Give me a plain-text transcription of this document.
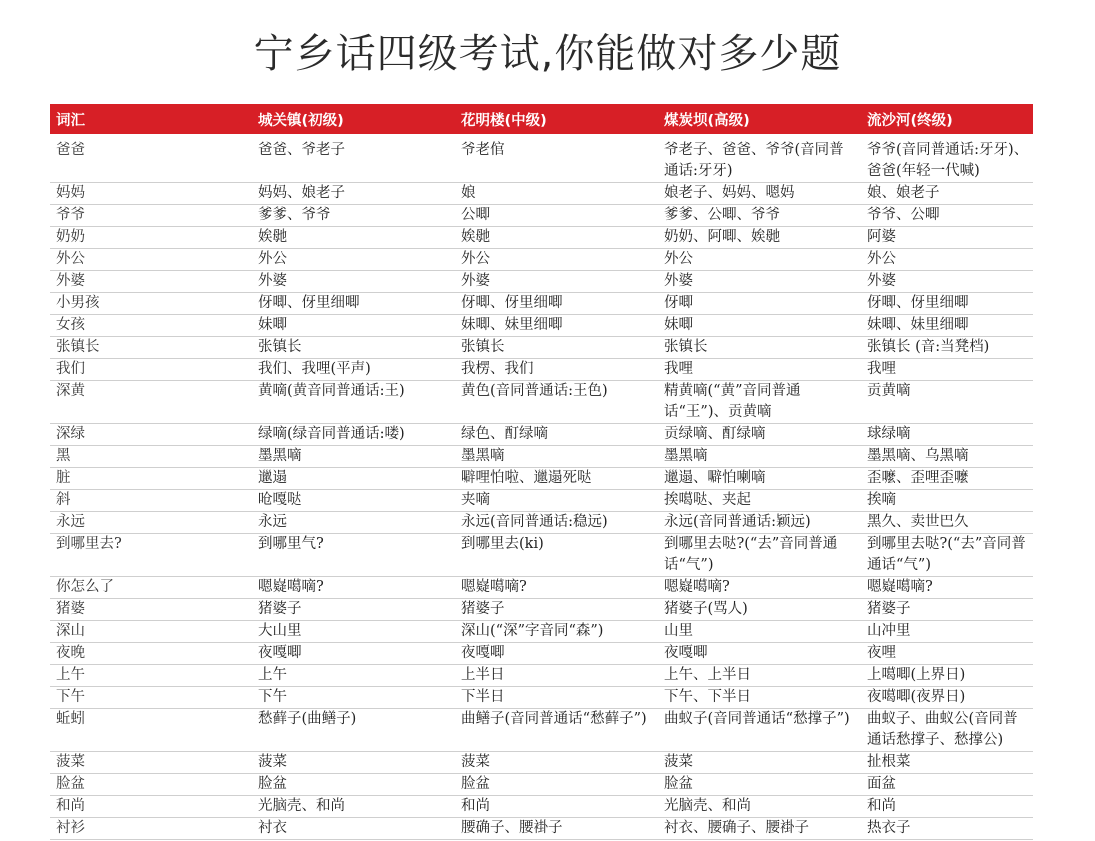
宁乡话四级考试,你能做对多少题
词汇	城关镇(初级)	花明楼(中级)	煤炭坝(高级)	流沙河(终级)
爸爸	爸爸、爷老子	爷老倌	爷老子、爸爸、爷爷(音同普通话:牙牙)	爷爷(音同普通话:牙牙)、爸爸(年轻一代喊)
妈妈	妈妈、娘老子	娘	娘老子、妈妈、嗯妈	娘、娘老子
爷爷	爹爹、爷爷	公唧	爹爹、公唧、爷爷	爷爷、公唧
奶奶	娭毑	娭毑	奶奶、阿唧、娭毑	阿婆
外公	外公	外公	外公	外公
外婆	外婆	外婆	外婆	外婆
小男孩	伢唧、伢里细唧	伢唧、伢里细唧	伢唧	伢唧、伢里细唧
女孩	妹唧	妹唧、妹里细唧	妹唧	妹唧、妹里细唧
张镇长	张镇长	张镇长	张镇长	张镇长 (音:当凳档)
我们	我们、我哩(平声)	我楞、我们	我哩	我哩
深黄	黄嘀(黄音同普通话:王)	黄色(音同普通话:王色)	精黄嘀(“黄”音同普通话“王”)、贡黄嘀	贡黄嘀
深绿	绿嘀(绿音同普通话:喽)	绿色、酊绿嘀	贡绿嘀、酊绿嘀	球绿嘀
黑	墨黑嘀	墨黑嘀	墨黑嘀	墨黑嘀、乌黑嘀
脏	邋遢	噼哩怕啦、邋遢死哒	邋遢、噼怕喇嘀	歪嚒、歪哩歪嚒
斜	呛嘎哒	夹嘀	挨噶哒、夹起	挨嘀
永远	永远	永远(音同普通话:稳远)	永远(音同普通话:颖远)	黑久、卖世巴久
到哪里去?	到哪里气?	到哪里去(ki)	到哪里去哒?(“去”音同普通话“气”)	到哪里去哒?(“去”音同普通话“气”)
你怎么了	嗯嶷噶嘀?	嗯嶷噶嘀?	嗯嶷噶嘀?	嗯嶷噶嘀?
猪婆	猪婆子	猪婆子	猪婆子(骂人)	猪婆子
深山	大山里	深山(“深”字音同“森”)	山里	山冲里
夜晚	夜嘎唧	夜嘎唧	夜嘎唧	夜哩
上午	上午	上半日	上午、上半日	上噶唧(上界日)
下午	下午	下半日	下午、下半日	夜噶唧(夜界日)
蚯蚓	愁藓子(曲鳝子)	曲鳝子(音同普通话“愁藓子”)	曲蚁子(音同普通话“愁撑子”)	曲蚁子、曲蚁公(音同普通话愁撑子、愁撑公)
菠菜	菠菜	菠菜	菠菜	扯根菜
脸盆	脸盆	脸盆	脸盆	面盆
和尚	光脑壳、和尚	和尚	光脑壳、和尚	和尚
衬衫	衬衣	腰确子、腰褂子	衬衣、腰确子、腰褂子	热衣子
